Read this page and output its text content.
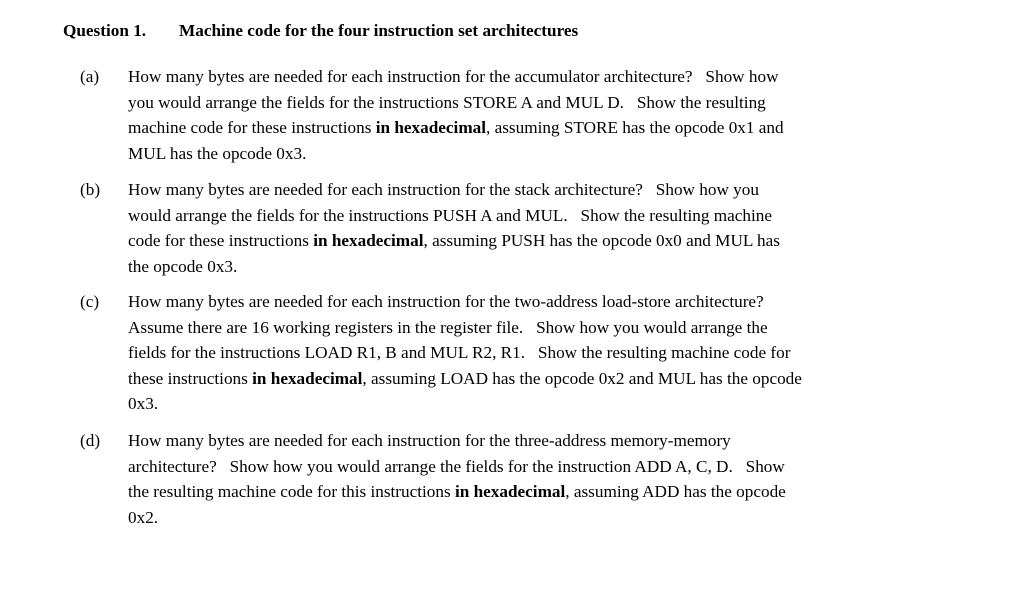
Question 1. Machine code for the four instruction set architectures
(a) How many bytes are needed for each instruction for the accumulator architecture?   Show how
you would arrange the fields for the instructions STORE A and MUL D.   Show the resulting
machine code for these instructions in hexadecimal, assuming STORE has the opcode 0x1 and
MUL has the opcode 0x3.
(b) How many bytes are needed for each instruction for the stack architecture?   Show how you
would arrange the fields for the instructions PUSH A and MUL.   Show the resulting machine
code for these instructions in hexadecimal, assuming PUSH has the opcode 0x0 and MUL has
the opcode 0x3.
(c) How many bytes are needed for each instruction for the two-address load-store architecture?
Assume there are 16 working registers in the register file.   Show how you would arrange the
fields for the instructions LOAD R1, B and MUL R2, R1.   Show the resulting machine code for
these instructions in hexadecimal, assuming LOAD has the opcode 0x2 and MUL has the opcode
0x3.
(d) How many bytes are needed for each instruction for the three-address memory-memory
architecture?   Show how you would arrange the fields for the instruction ADD A, C, D.   Show
the resulting machine code for this instructions in hexadecimal, assuming ADD has the opcode
0x2.
